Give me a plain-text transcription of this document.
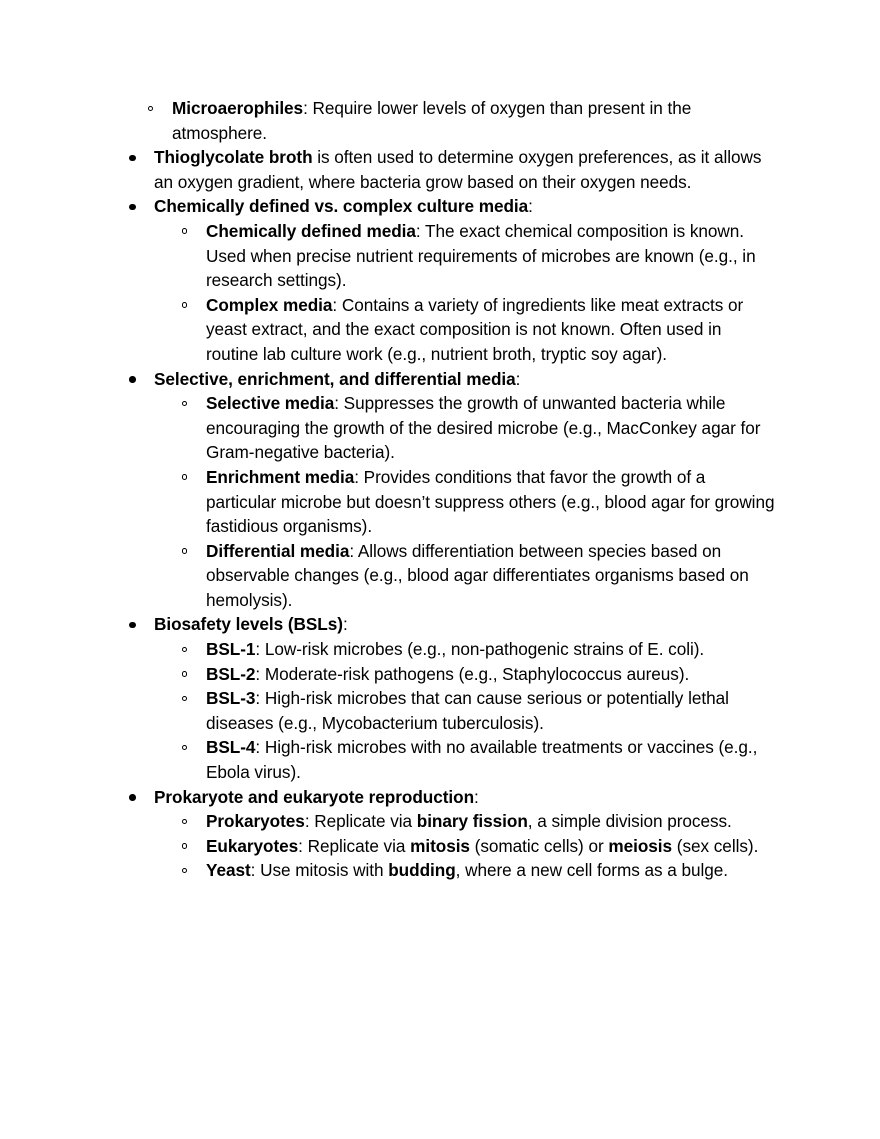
Microaerophiles: Require lower levels of oxygen than present in the atmosphere.
Thioglycolate broth is often used to determine oxygen preferences, as it allows an oxygen gradient, where bacteria grow based on their oxygen needs.
Chemically defined vs. complex culture media:
Chemically defined media: The exact chemical composition is known. Used when precise nutrient requirements of microbes are known (e.g., in research settings).
Complex media: Contains a variety of ingredients like meat extracts or yeast extract, and the exact composition is not known. Often used in routine lab culture work (e.g., nutrient broth, tryptic soy agar).
Selective, enrichment, and differential media:
Selective media: Suppresses the growth of unwanted bacteria while encouraging the growth of the desired microbe (e.g., MacConkey agar for Gram-negative bacteria).
Enrichment media: Provides conditions that favor the growth of a particular microbe but doesn’t suppress others (e.g., blood agar for growing fastidious organisms).
Differential media: Allows differentiation between species based on observable changes (e.g., blood agar differentiates organisms based on hemolysis).
Biosafety levels (BSLs):
BSL-1: Low-risk microbes (e.g., non-pathogenic strains of E. coli).
BSL-2: Moderate-risk pathogens (e.g., Staphylococcus aureus).
BSL-3: High-risk microbes that can cause serious or potentially lethal diseases (e.g., Mycobacterium tuberculosis).
BSL-4: High-risk microbes with no available treatments or vaccines (e.g., Ebola virus).
Prokaryote and eukaryote reproduction:
Prokaryotes: Replicate via binary fission, a simple division process.
Eukaryotes: Replicate via mitosis (somatic cells) or meiosis (sex cells).
Yeast: Use mitosis with budding, where a new cell forms as a bulge.
